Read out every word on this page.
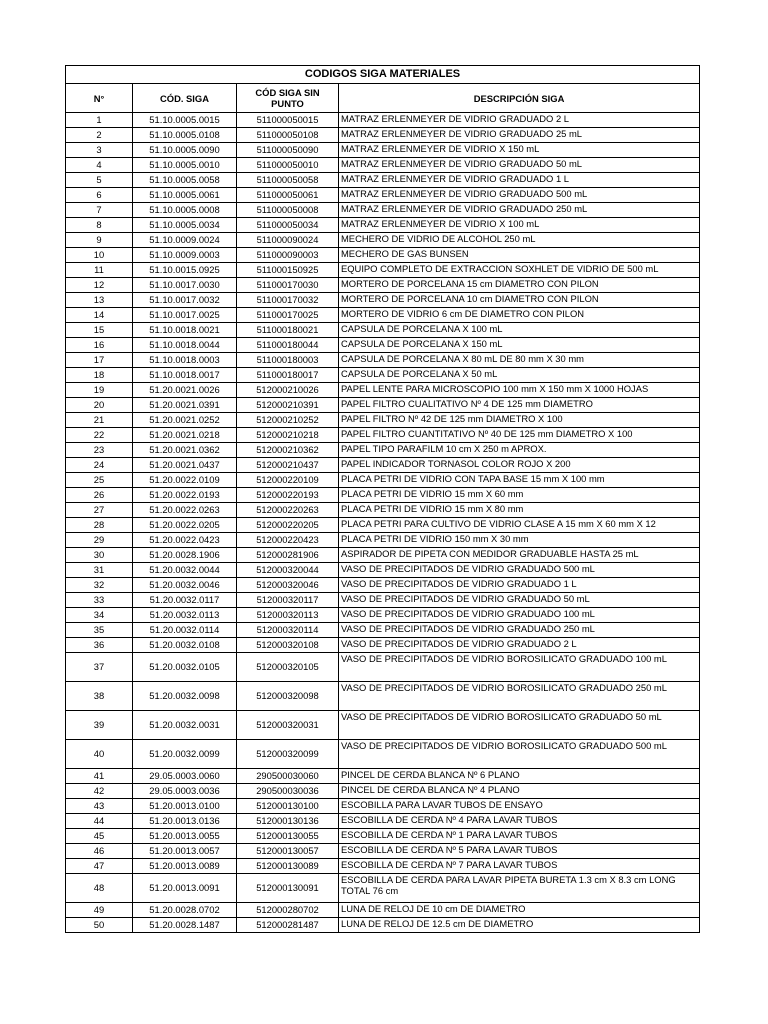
CODIGOS SIGA MATERIALES			
N°	CÓD. SIGA	CÓD SIGA SIN PUNTO	DESCRIPCIÓN SIGA
1	51.10.0005.0015	511000050015	MATRAZ ERLENMEYER DE VIDRIO GRADUADO 2 L
2	51.10.0005.0108	511000050108	MATRAZ ERLENMEYER DE VIDRIO GRADUADO 25 mL
3	51.10.0005.0090	511000050090	MATRAZ ERLENMEYER DE VIDRIO X 150 mL
4	51.10.0005.0010	511000050010	MATRAZ ERLENMEYER DE VIDRIO GRADUADO 50 mL
5	51.10.0005.0058	511000050058	MATRAZ ERLENMEYER DE VIDRIO GRADUADO 1 L
6	51.10.0005.0061	511000050061	MATRAZ ERLENMEYER DE VIDRIO GRADUADO 500 mL
7	51.10.0005.0008	511000050008	MATRAZ ERLENMEYER DE VIDRIO GRADUADO 250 mL
8	51.10.0005.0034	511000050034	MATRAZ ERLENMEYER DE VIDRIO X 100 mL
9	51.10.0009.0024	511000090024	MECHERO DE VIDRIO DE ALCOHOL 250 mL
10	51.10.0009.0003	511000090003	MECHERO DE GAS BUNSEN
11	51.10.0015.0925	511000150925	EQUIPO COMPLETO DE EXTRACCION SOXHLET DE VIDRIO DE 500 mL
12	51.10.0017.0030	511000170030	MORTERO DE PORCELANA 15 cm DIAMETRO CON PILON
13	51.10.0017.0032	511000170032	MORTERO DE PORCELANA 10 cm DIAMETRO CON PILON
14	51.10.0017.0025	511000170025	MORTERO DE VIDRIO 6 cm DE DIAMETRO CON PILON
15	51.10.0018.0021	511000180021	CAPSULA DE PORCELANA X 100 mL
16	51.10.0018.0044	511000180044	CAPSULA DE PORCELANA X 150 mL
17	51.10.0018.0003	511000180003	CAPSULA DE PORCELANA X 80 mL DE 80 mm X 30 mm
18	51.10.0018.0017	511000180017	CAPSULA DE PORCELANA X 50 mL
19	51.20.0021.0026	512000210026	PAPEL LENTE PARA MICROSCOPIO 100 mm X 150 mm X 1000 HOJAS
20	51.20.0021.0391	512000210391	PAPEL FILTRO CUALITATIVO Nº 4 DE 125 mm DIAMETRO
21	51.20.0021.0252	512000210252	PAPEL FILTRO Nº 42 DE 125 mm DIAMETRO X 100
22	51.20.0021.0218	512000210218	PAPEL FILTRO CUANTITATIVO Nº 40 DE 125 mm DIAMETRO X 100
23	51.20.0021.0362	512000210362	PAPEL TIPO PARAFILM 10 cm X 250 m APROX.
24	51.20.0021.0437	512000210437	PAPEL INDICADOR TORNASOL COLOR ROJO X 200
25	51.20.0022.0109	512000220109	PLACA PETRI DE VIDRIO CON TAPA BASE 15 mm X 100 mm
26	51.20.0022.0193	512000220193	PLACA PETRI DE VIDRIO 15 mm X 60 mm
27	51.20.0022.0263	512000220263	PLACA PETRI DE VIDRIO 15 mm X 80 mm
28	51.20.0022.0205	512000220205	PLACA PETRI PARA CULTIVO DE VIDRIO CLASE A 15 mm X 60 mm X 12
29	51.20.0022.0423	512000220423	PLACA PETRI DE VIDRIO 150 mm X 30 mm
30	51.20.0028.1906	512000281906	ASPIRADOR DE PIPETA CON MEDIDOR GRADUABLE HASTA 25 mL
31	51.20.0032.0044	512000320044	VASO DE PRECIPITADOS DE VIDRIO GRADUADO 500 mL
32	51.20.0032.0046	512000320046	VASO DE PRECIPITADOS DE VIDRIO GRADUADO 1 L
33	51.20.0032.0117	512000320117	VASO DE PRECIPITADOS DE VIDRIO GRADUADO 50 mL
34	51.20.0032.0113	512000320113	VASO DE PRECIPITADOS DE VIDRIO GRADUADO 100 mL
35	51.20.0032.0114	512000320114	VASO DE PRECIPITADOS DE VIDRIO GRADUADO 250 mL
36	51.20.0032.0108	512000320108	VASO DE PRECIPITADOS DE VIDRIO GRADUADO 2 L
37	51.20.0032.0105	512000320105	VASO DE PRECIPITADOS DE VIDRIO BOROSILICATO GRADUADO 100 mL
38	51.20.0032.0098	512000320098	VASO DE PRECIPITADOS DE VIDRIO BOROSILICATO GRADUADO 250 mL
39	51.20.0032.0031	512000320031	VASO DE PRECIPITADOS DE VIDRIO BOROSILICATO GRADUADO 50 mL
40	51.20.0032.0099	512000320099	VASO DE PRECIPITADOS DE VIDRIO BOROSILICATO GRADUADO 500 mL
41	29.05.0003.0060	290500030060	PINCEL DE CERDA BLANCA Nº 6 PLANO
42	29.05.0003.0036	290500030036	PINCEL DE CERDA BLANCA Nº 4 PLANO
43	51.20.0013.0100	512000130100	ESCOBILLA PARA LAVAR TUBOS DE ENSAYO
44	51.20.0013.0136	512000130136	ESCOBILLA DE CERDA Nº 4 PARA LAVAR TUBOS
45	51.20.0013.0055	512000130055	ESCOBILLA DE CERDA Nº 1 PARA LAVAR TUBOS
46	51.20.0013.0057	512000130057	ESCOBILLA DE CERDA Nº 5 PARA LAVAR TUBOS
47	51.20.0013.0089	512000130089	ESCOBILLA DE CERDA Nº 7 PARA LAVAR TUBOS
48	51.20.0013.0091	512000130091	ESCOBILLA DE CERDA PARA LAVAR PIPETA BURETA 1.3 cm X 8.3 cm LONG TOTAL 76 cm
49	51.20.0028.0702	512000280702	LUNA DE RELOJ DE 10 cm DE DIAMETRO
50	51.20.0028.1487	512000281487	LUNA DE RELOJ DE 12.5 cm DE DIAMETRO
